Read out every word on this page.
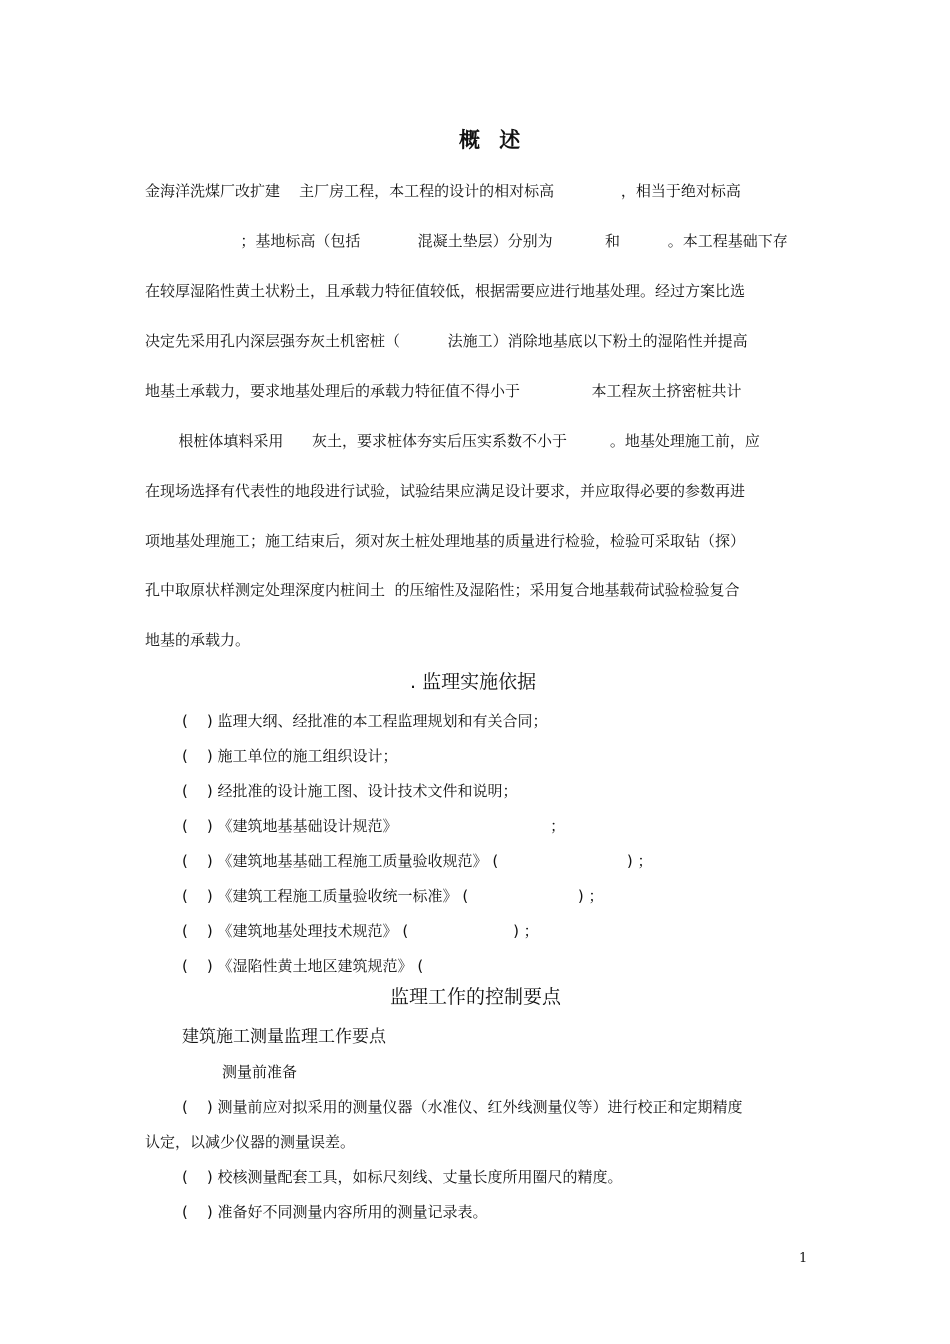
概 述
金海洋洗煤厂改扩建    主厂房工程，本工程的设计的相对标高              ，相当于绝对标高
；基地标高（包括            混凝土垫层）分别为           和          。本工程基础下存
在较厚湿陷性黄土状粉土，且承载力特征值较低，根据需要应进行地基处理。经过方案比选
决定先采用孔内深层强夯灰土机密桩（          法施工）消除地基底以下粉土的湿陷性并提高
地基土承载力，要求地基处理后的承载力特征值不得小于               本工程灰土挤密桩共计
根桩体填料采用      灰土，要求桩体夯实后压实系数不小于         。地基处理施工前，应
在现场选择有代表性的地段进行试验，试验结果应满足设计要求，并应取得必要的参数再进
项地基处理施工；施工结束后，须对灰土桩处理地基的质量进行检验，检验可采取钻（探）
孔中取原状样测定处理深度内桩间土  的压缩性及湿陷性；采用复合地基载荷试验检验复合
地基的承载力。
. 监理实施依据
(    ) 监理大纲、经批准的本工程监理规划和有关合同；
(    ) 施工单位的施工组织设计；
(    ) 经批准的设计施工图、设计技术文件和说明；
(    ) 《建筑地基基础设计规范》                                ；
(    ) 《建筑地基基础工程施工质量验收规范》 (                           ) ；
(    ) 《建筑工程施工质量验收统一标准》 (                       ) ；
(    ) 《建筑地基处理技术规范》 (                      ) ；
(    ) 《湿陷性黄土地区建筑规范》 (
监理工作的控制要点
建筑施工测量监理工作要点
测量前准备
(    ) 测量前应对拟采用的测量仪器（水准仪、红外线测量仪等）进行校正和定期精度
认定，以减少仪器的测量误差。
(    ) 校核测量配套工具，如标尺刻线、丈量长度所用圈尺的精度。
(    ) 准备好不同测量内容所用的测量记录表。
1
